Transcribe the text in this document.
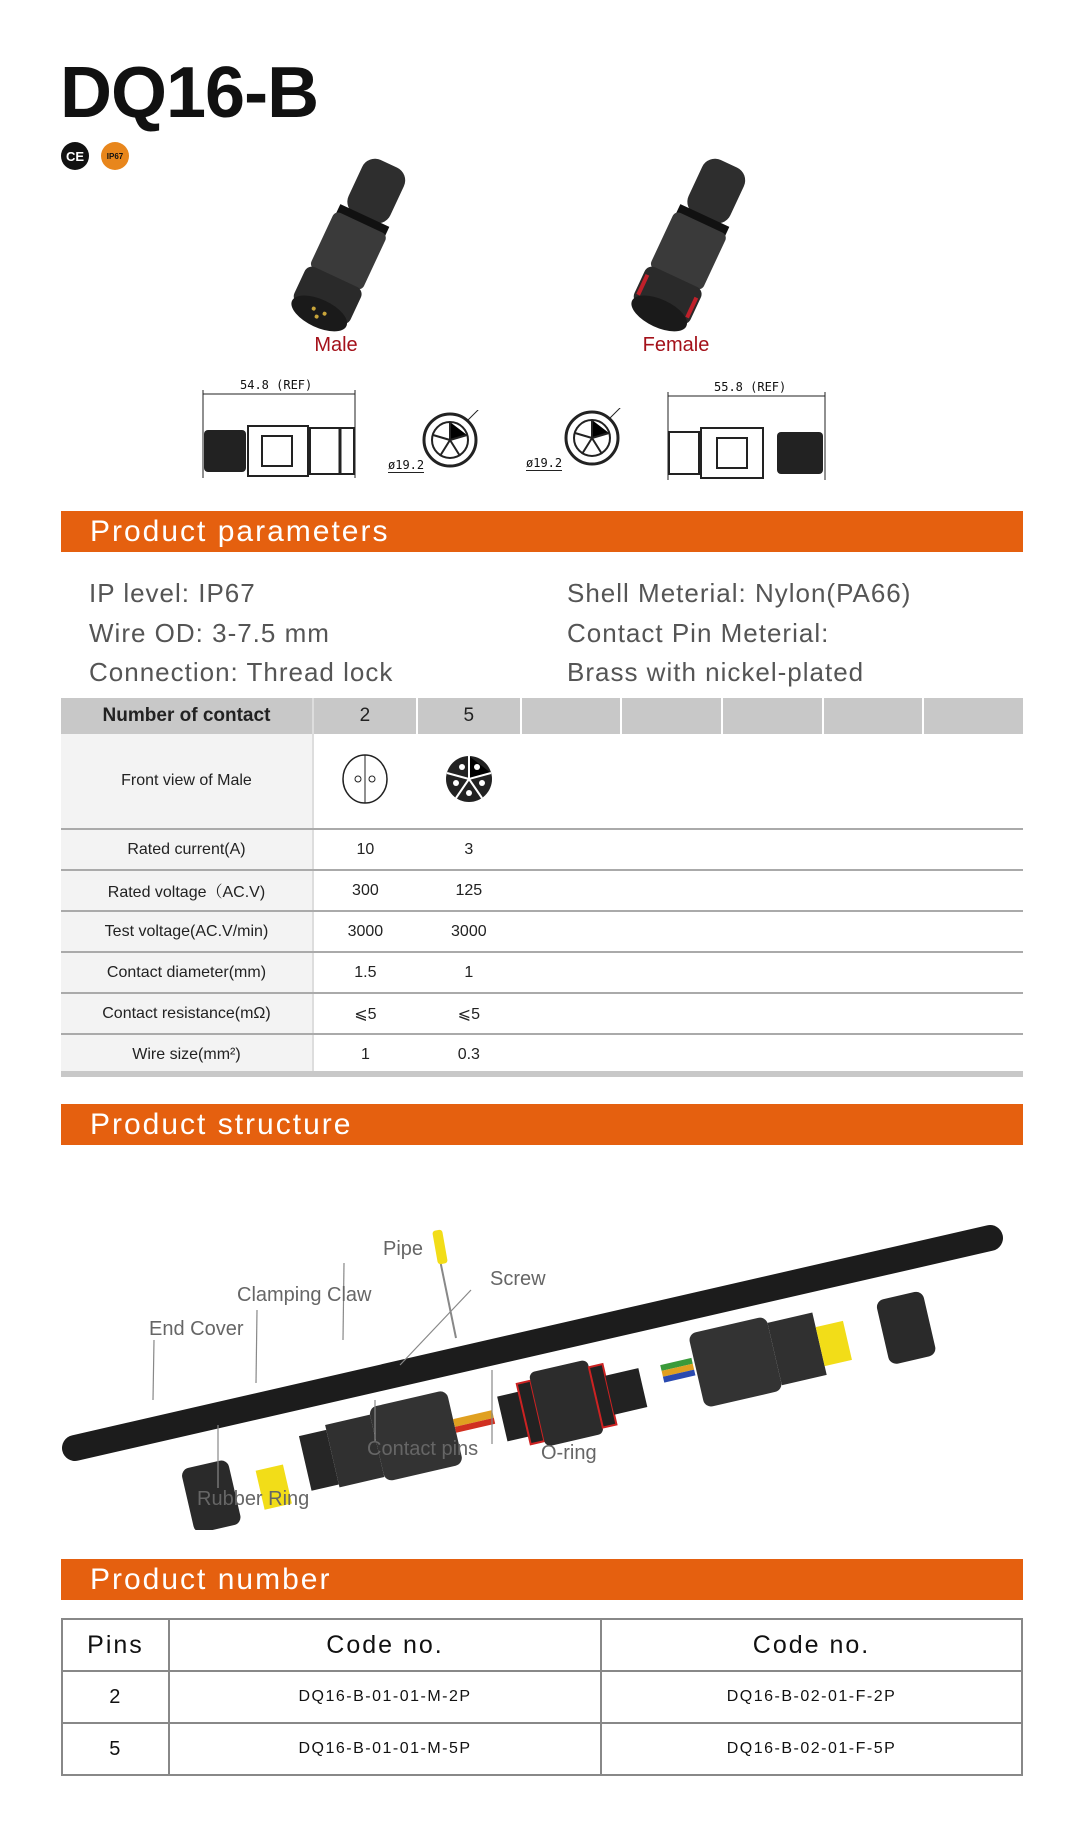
DQ16-B
CE	IP67
Male	Female
54.8 (REF)
ø19.2	ø19.2
55.8 (REF)
Product parameters
IP level: IP67
Wire OD: 3-7.5 mm
Connection: Thread lock
Shell Meterial: Nylon(PA66)
Contact Pin Meterial:
Brass with nickel-plated
Number of contact	2	5					
Front view of Male			
Rated current(A)	10	3					
Rated voltage（AC.V)	300	125					
Test voltage(AC.V/min)	3000	3000					
Contact diameter(mm)	1.5	1					
Contact resistance(mΩ)	⩽5	⩽5					
Wire size(mm²)	1	0.3					
Product structure
Pipe
Clamping Claw
Screw
End Cover
Contact pins	O-ring
Rubber Ring
Product number
Pins	Code no.	Code no.
2	DQ16-B-01-01-M-2P	DQ16-B-02-01-F-2P
5	DQ16-B-01-01-M-5P	DQ16-B-02-01-F-5P
